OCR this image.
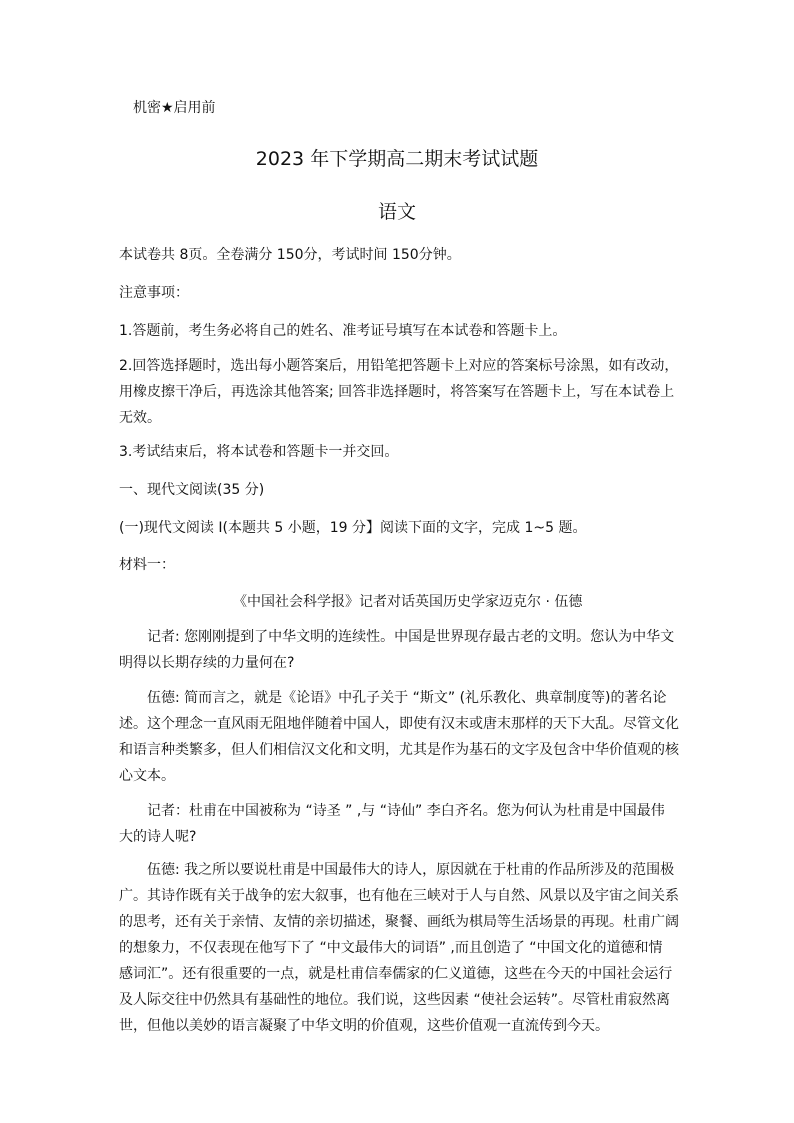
机密★启用前
2023 年下学期高二期末考试试题
语文
本试卷共 8页。全卷满分 150分，考试时间 150分钟。
注意事项：
1.答题前，考生务必将自己的姓名、准考证号填写在本试卷和答题卡上。
2.回答选择题时，选出每小题答案后，用铅笔把答题卡上对应的答案标号涂黑，如有改动，
用橡皮擦干净后，再选涂其他答案; 回答非选择题时，将答案写在答题卡上，写在本试卷上
无效。
3.考试结束后，将本试卷和答题卡一并交回。
一、现代文阅读(35 分)
(一)现代文阅读 I(本题共 5 小题，19 分】阅读下面的文字，完成 1~5 题。
材料一：
《中国社会科学报》记者对话英国历史学家迈克尔 · 伍德
记者: 您刚刚提到了中华文明的连续性。中国是世界现存最古老的文明。您认为中华文
明得以长期存续的力量何在?
伍德: 简而言之，就是《论语》中孔子关于 “斯文” (礼乐教化、典章制度等)的著名论
述。这个理念一直风雨无阻地伴随着中国人，即使有汉末或唐末那样的天下大乱。尽管文化
和语言种类繁多，但人们相信汉文化和文明，尤其是作为基石的文字及包含中华价值观的核
心文本。
记者：杜甫在中国被称为 “诗圣 ” ,与 “诗仙” 李白齐名。您为何认为杜甫是中国最伟
大的诗人呢?
伍德: 我之所以要说杜甫是中国最伟大的诗人，原因就在于杜甫的作品所涉及的范围极
广。其诗作既有关于战争的宏大叙事，也有他在三峡对于人与自然、风景以及宇宙之间关系
的思考，还有关于亲情、友情的亲切描述，聚餐、画纸为棋局等生活场景的再现。杜甫广阔
的想象力，不仅表现在他写下了 “中文最伟大的词语” ,而且创造了 “中国文化的道德和情
感词汇”。还有很重要的一点，就是杜甫信奉儒家的仁义道德，这些在今天的中国社会运行
及人际交往中仍然具有基础性的地位。我们说，这些因素 “使社会运转”。尽管杜甫寂然离
世，但他以美妙的语言凝聚了中华文明的价值观，这些价值观一直流传到今天。
